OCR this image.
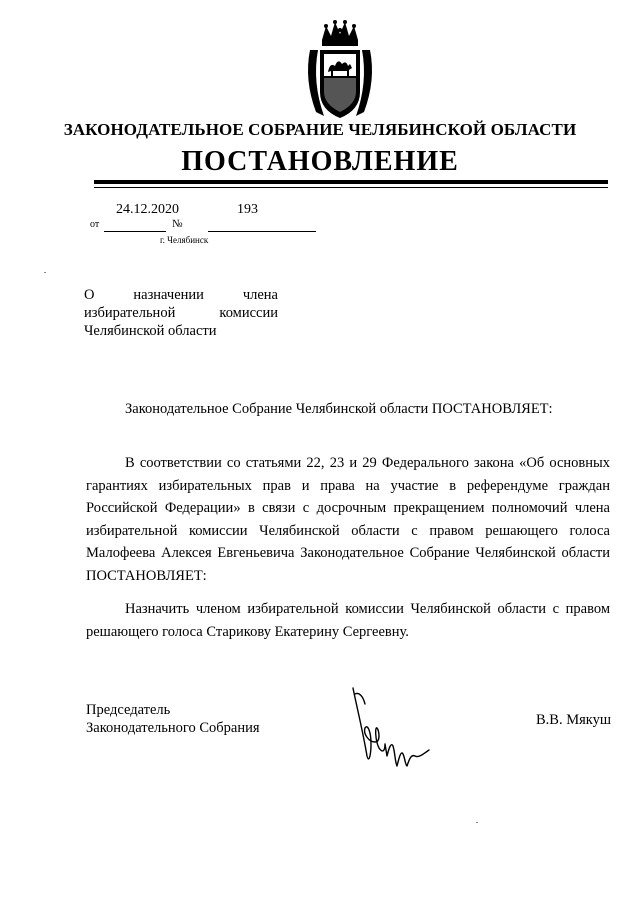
ЗАКОНОДАТЕЛЬНОЕ СОБРАНИЕ ЧЕЛЯБИНСКОЙ ОБЛАСТИ
ПОСТАНОВЛЕНИЕ
24.12.2020	193
от	№
г. Челябинск
О назначении члена избирательной комиссии Челябинской области
Законодательное Собрание Челябинской области ПОСТАНОВЛЯЕТ:
В соответствии со статьями 22, 23 и 29 Федерального закона «Об основных гарантиях избирательных прав и права на участие в референдуме граждан Российской Федерации» в связи с досрочным прекращением полномочий члена избирательной комиссии Челябинской области с правом решающего голоса Малофеева Алексея Евгеньевича Законодательное Собрание Челябинской области ПОСТАНОВЛЯЕТ:
Назначить членом избирательной комиссии Челябинской области с правом решающего голоса Старикову Екатерину Сергеевну.
Председатель
Законодательного Собрания	В.В. Мякуш
